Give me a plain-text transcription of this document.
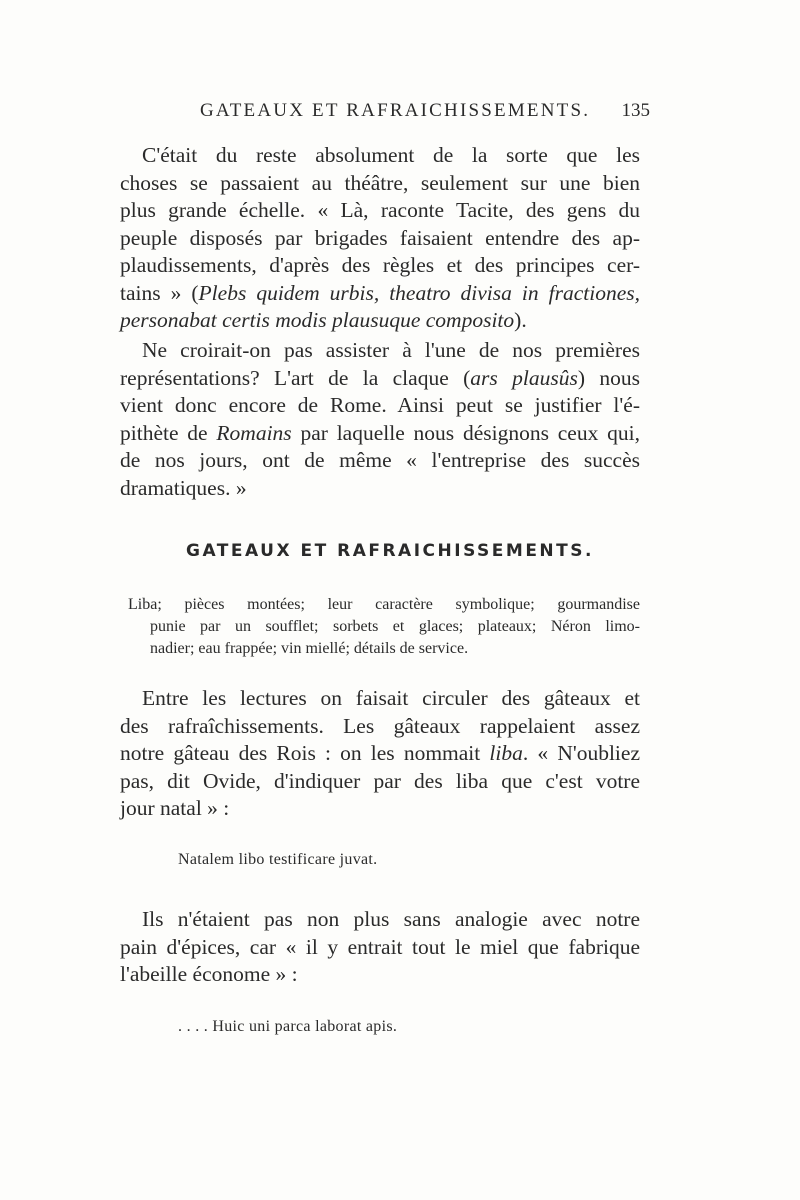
GATEAUX ET RAFRAICHISSEMENTS. 135

C'était du reste absolument de la sorte que les

choses se passaient au théâtre, seulement sur une bien

plus grande échelle. « Là, raconte Tacite, des gens du

peuple disposés par brigades faisaient entendre des ap-

plaudissements, d'après des règles et des principes cer-

tains » (Plebs quidem urbis, theatro divisa in fractiones,

personabat certis modis plausuque composito).

Ne croirait-on pas assister à l'une de nos premières

représentations? L'art de la claque (ars plausûs) nous

vient donc encore de Rome. Ainsi peut se justifier l'é-

pithète de Romains par laquelle nous désignons ceux qui,

de nos jours, ont de même « l'entreprise des succès

dramatiques. »

GATEAUX ET RAFRAICHISSEMENTS.

Liba; pièces montées; leur caractère symbolique; gourmandise

punie par un soufflet; sorbets et glaces; plateaux; Néron limo-

nadier; eau frappée; vin miellé; détails de service.

Entre les lectures on faisait circuler des gâteaux et

des rafraîchissements. Les gâteaux rappelaient assez

notre gâteau des Rois : on les nommait liba. « N'oubliez

pas, dit Ovide, d'indiquer par des liba que c'est votre

jour natal » :

Natalem libo testificare juvat.

Ils n'étaient pas non plus sans analogie avec notre

pain d'épices, car « il y entrait tout le miel que fabrique

l'abeille économe » :

. . . . Huic uni parca laborat apis.
